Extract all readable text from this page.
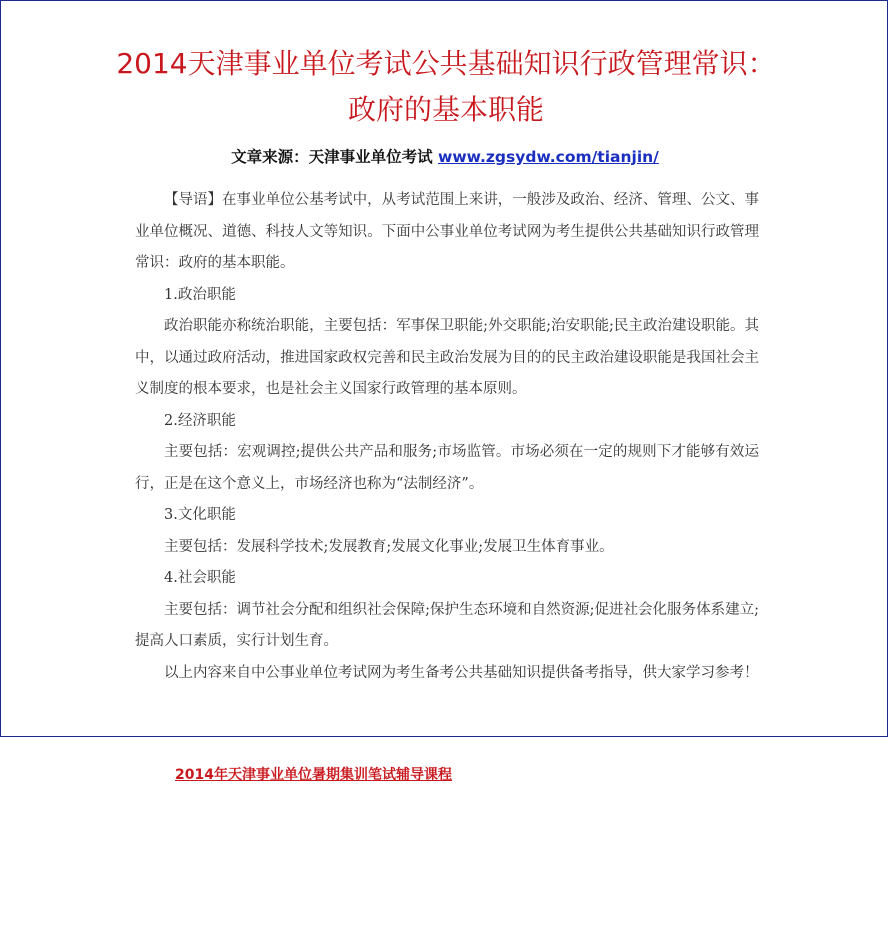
2014天津事业单位考试公共基础知识行政管理常识：
政府的基本职能
文章来源：天津事业单位考试 www.zgsydw.com/tianjin/

【导语】在事业单位公基考试中，从考试范围上来讲，一般涉及政治、经济、管理、公文、事业单位概况、道德、科技人文等知识。下面中公事业单位考试网为考生提供公共基础知识行政管理常识：政府的基本职能。

1.政治职能

政治职能亦称统治职能，主要包括：军事保卫职能;外交职能;治安职能;民主政治建设职能。其中，以通过政府活动，推进国家政权完善和民主政治发展为目的的民主政治建设职能是我国社会主义制度的根本要求，也是社会主义国家行政管理的基本原则。

2.经济职能

主要包括：宏观调控;提供公共产品和服务;市场监管。市场必须在一定的规则下才能够有效运行，正是在这个意义上，市场经济也称为“法制经济”。

3.文化职能

主要包括：发展科学技术;发展教育;发展文化事业;发展卫生体育事业。

4.社会职能

主要包括：调节社会分配和组织社会保障;保护生态环境和自然资源;促进社会化服务体系建立;提高人口素质，实行计划生育。

以上内容来自中公事业单位考试网为考生备考公共基础知识提供备考指导，供大家学习参考！

2014年天津事业单位暑期集训笔试辅导课程
